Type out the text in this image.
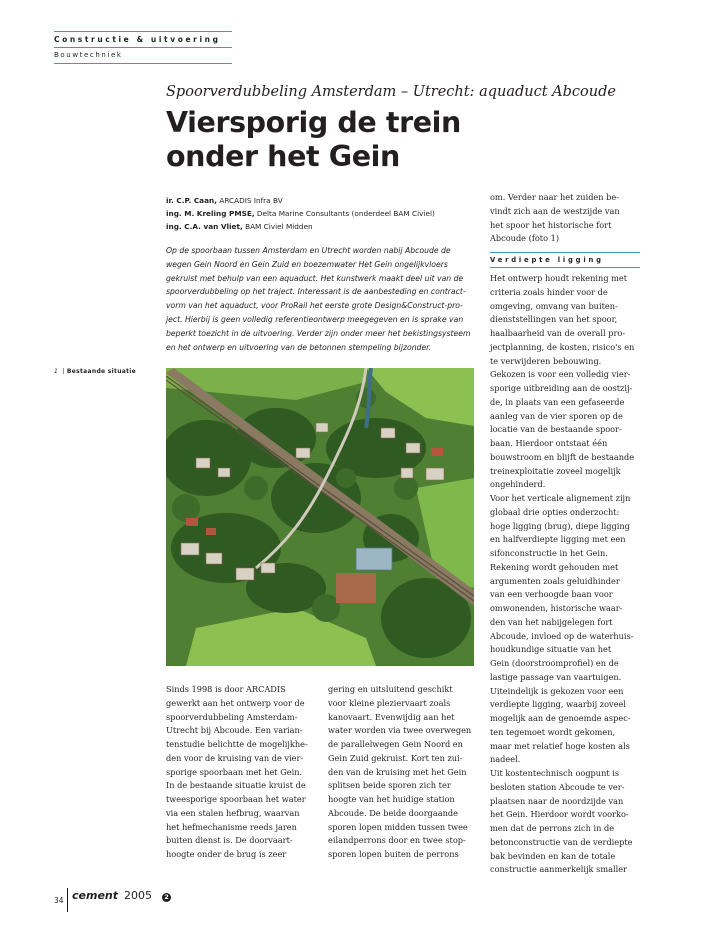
Constructie & uitvoering
Bouwtechniek
Spoorverdubbeling Amsterdam – Utrecht: aquaduct Abcoude
Viersporig de trein
onder het Gein
ir. C.P. Caan, ARCADIS Infra BV
ing. M. Kreling PMSE, Delta Marine Consultants (onderdeel BAM Civiel)
ing. C.A. van Vliet, BAM Civiel Midden
Op de spoorbaan tussen Amsterdam en Utrecht worden nabij Abcoude de
wegen Gein Noord en Gein Zuid en boezemwater Het Gein ongelijkvloers
gekruist met behulp van een aquaduct. Het kunstwerk maakt deel uit van de
spoorverdubbeling op het traject. Interessant is de aanbesteding en contract-
vorm van het aquaduct, voor ProRail het eerste grote Design&Construct-pro-
ject. Hierbij is geen volledig referentieontwerp meegegeven en is sprake van
beperkt toezicht in de uitvoering. Verder zijn onder meer het bekistingsysteem
en het ontwerp en uitvoering van de betonnen stempeling bijzonder.
1 | Bestaande situatie
Sinds 1998 is door ARCADIS
gewerkt aan het ontwerp voor de
spoorverdubbeling Amsterdam-
Utrecht bij Abcoude. Een varian-
tenstudie belichtte de mogelijkhe-
den voor de kruising van de vier-
sporige spoorbaan met het Gein.
In de bestaande situatie kruist de
tweesporige spoorbaan het water
via een stalen hefbrug, waarvan
het hefmechanisme reeds jaren
buiten dienst is. De doorvaart-
hoogte onder de brug is zeer
gering en uitsluitend geschikt
voor kleine pleziervaart zoals
kanovaart. Evenwijdig aan het
water worden via twee overwegen
de parallelwegen Gein Noord en
Gein Zuid gekruist. Kort ten zui-
den van de kruising met het Gein
splitsen beide sporen zich ter
hoogte van het huidige station
Abcoude. De beide doorgaande
sporen lopen midden tussen twee
eilandperrons door en twee stop-
sporen lopen buiten de perrons
om. Verder naar het zuiden be-
vindt zich aan de westzijde van
het spoor het historische fort
Abcoude (foto 1)
Verdiepte ligging
Het ontwerp houdt rekening met
criteria zoals hinder voor de
omgeving, omvang van buiten-
dienststellingen van het spoor,
haalbaarheid van de overall pro-
jectplanning, de kosten, risico's en
te verwijderen bebouwing.
Gekozen is voor een volledig vier-
sporige uitbreiding aan de oostzij-
de, in plaats van een gefaseerde
aanleg van de vier sporen op de
locatie van de bestaande spoor-
baan. Hierdoor ontstaat één
bouwstroom en blijft de bestaande
treinexploitatie zoveel mogelijk
ongehinderd.
Voor het verticale alignement zijn
globaal drie opties onderzocht:
hoge ligging (brug), diepe ligging
en halfverdiepte ligging met een
sifonconstructie in het Gein.
Rekening wordt gehouden met
argumenten zoals geluidhinder
van een verhoogde baan voor
omwonenden, historische waar-
den van het nabijgelegen fort
Abcoude, invloed op de waterhuis-
houdkundige situatie van het
Gein (doorstroomprofiel) en de
lastige passage van vaartuigen.
Uiteindelijk is gekozen voor een
verdiepte ligging, waarbij zoveel
mogelijk aan de genoemde aspec-
ten tegemoet wordt gekomen,
maar met relatief hoge kosten als
nadeel.
Uit kostentechnisch oogpunt is
besloten station Abcoude te ver-
plaatsen naar de noordzijde van
het Gein. Hierdoor wordt voorko-
men dat de perrons zich in de
betonconstructie van de verdiepte
bak bevinden en kan de totale
constructie aanmerkelijk smaller
34 cement 2005	2
